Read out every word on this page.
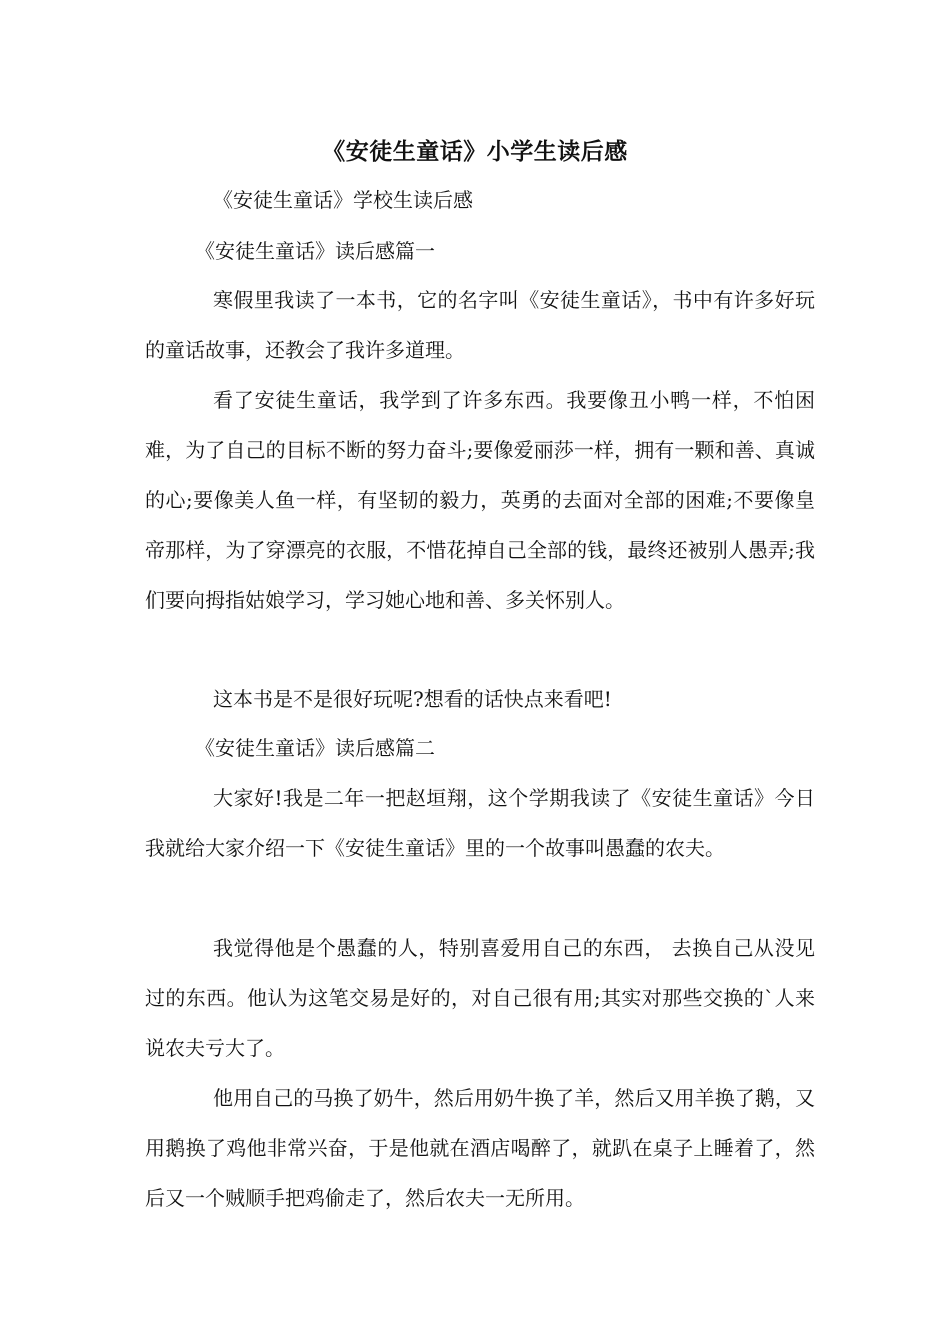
《安徒生童话》小学生读后感

《安徒生童话》学校生读后感

《安徒生童话》读后感篇一

寒假里我读了一本书，它的名字叫《安徒生童话》，书中有许多好玩的童话故事，还教会了我许多道理。

看了安徒生童话，我学到了许多东西。我要像丑小鸭一样，不怕困难，为了自己的目标不断的努力奋斗;要像爱丽莎一样，拥有一颗和善、真诚的心;要像美人鱼一样，有坚韧的毅力，英勇的去面对全部的困难;不要像皇帝那样，为了穿漂亮的衣服，不惜花掉自己全部的钱，最终还被别人愚弄;我们要向拇指姑娘学习，学习她心地和善、多关怀别人。

这本书是不是很好玩呢?想看的话快点来看吧!

《安徒生童话》读后感篇二

大家好!我是二年一把赵垣翔，这个学期我读了《安徒生童话》今日我就给大家介绍一下《安徒生童话》里的一个故事叫愚蠢的农夫。

我觉得他是个愚蠢的人，特别喜爱用自己的东西， 去换自己从没见过的东西。他认为这笔交易是好的，对自己很有用;其实对那些交换的`人来说农夫亏大了。

他用自己的马换了奶牛，然后用奶牛换了羊，然后又用羊换了鹅，又用鹅换了鸡他非常兴奋，于是他就在酒店喝醉了，就趴在桌子上睡着了，然后又一个贼顺手把鸡偷走了，然后农夫一无所用。
